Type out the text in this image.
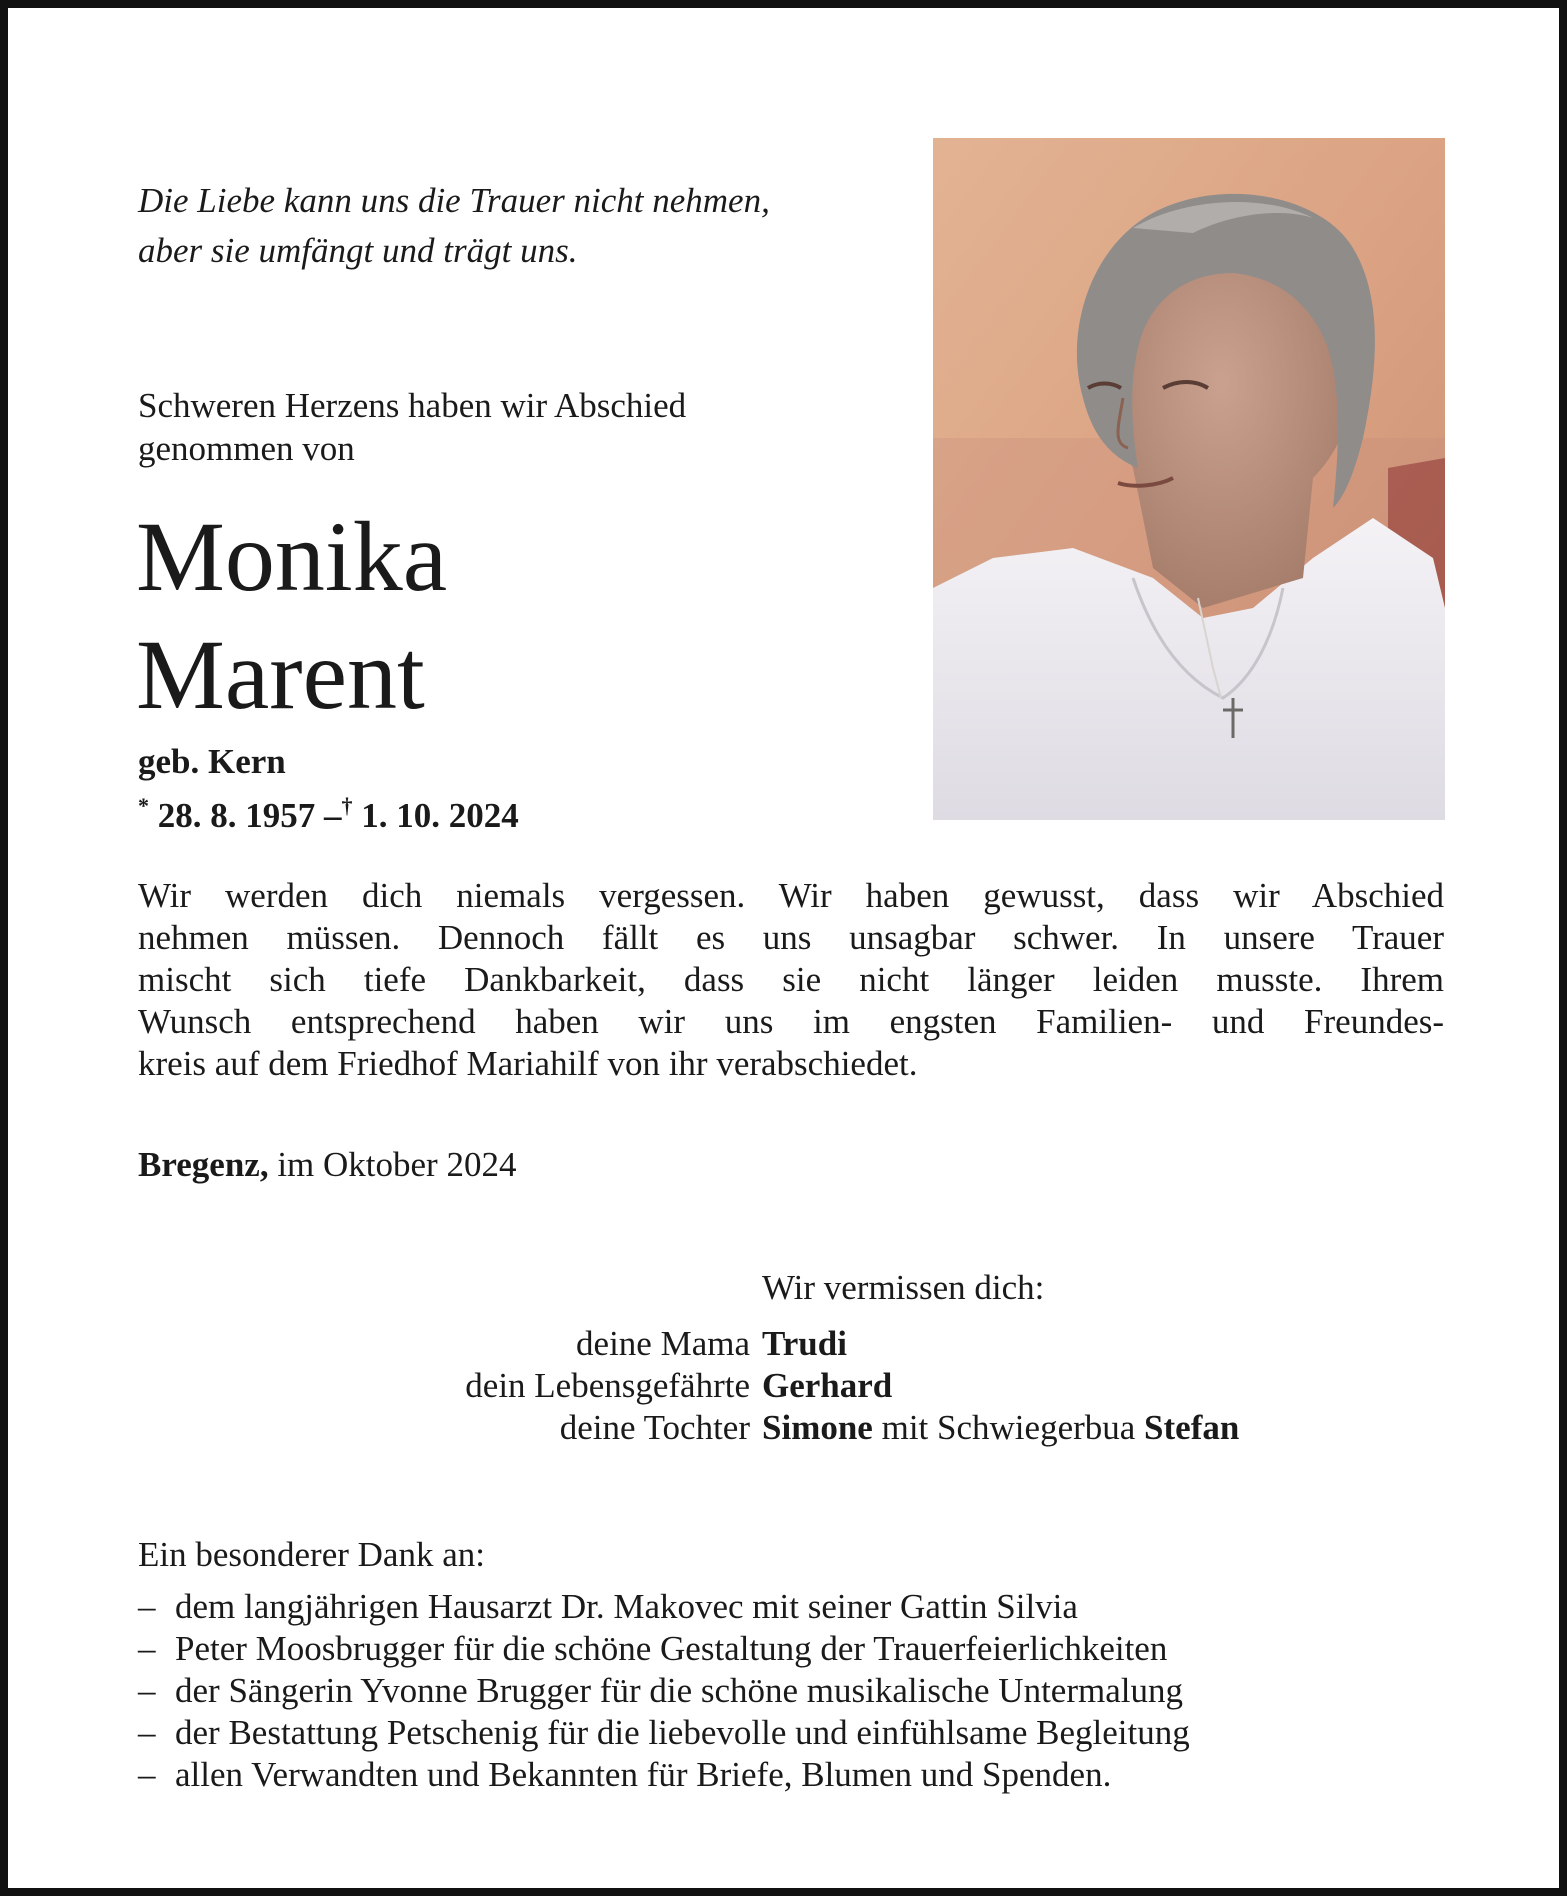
Die Liebe kann uns die Trauer nicht nehmen,
aber sie umfängt und trägt uns.
Schweren Herzens haben wir Abschied
genommen von
Monika
Marent
geb. Kern
* 28. 8. 1957 –† 1. 10. 2024
Wir werden dich niemals vergessen. Wir haben gewusst, dass wir Abschied
nehmen müssen. Dennoch fällt es uns unsagbar schwer. In unsere Trauer
mischt sich tiefe Dankbarkeit, dass sie nicht länger leiden musste. Ihrem
Wunsch entsprechend haben wir uns im engsten Familien- und Freundes-
kreis auf dem Friedhof Mariahilf von ihr verabschiedet.
Bregenz, im Oktober 2024
Wir vermissen dich:
deine Mama Trudi
dein Lebensgefährte Gerhard
deine Tochter Simone mit Schwiegerbua Stefan
Ein besonderer Dank an:
– dem langjährigen Hausarzt Dr. Makovec mit seiner Gattin Silvia
– Peter Moosbrugger für die schöne Gestaltung der Trauerfeierlichkeiten
– der Sängerin Yvonne Brugger für die schöne musikalische Untermalung
– der Bestattung Petschenig für die liebevolle und einfühlsame Begleitung
– allen Verwandten und Bekannten für Briefe, Blumen und Spenden.
